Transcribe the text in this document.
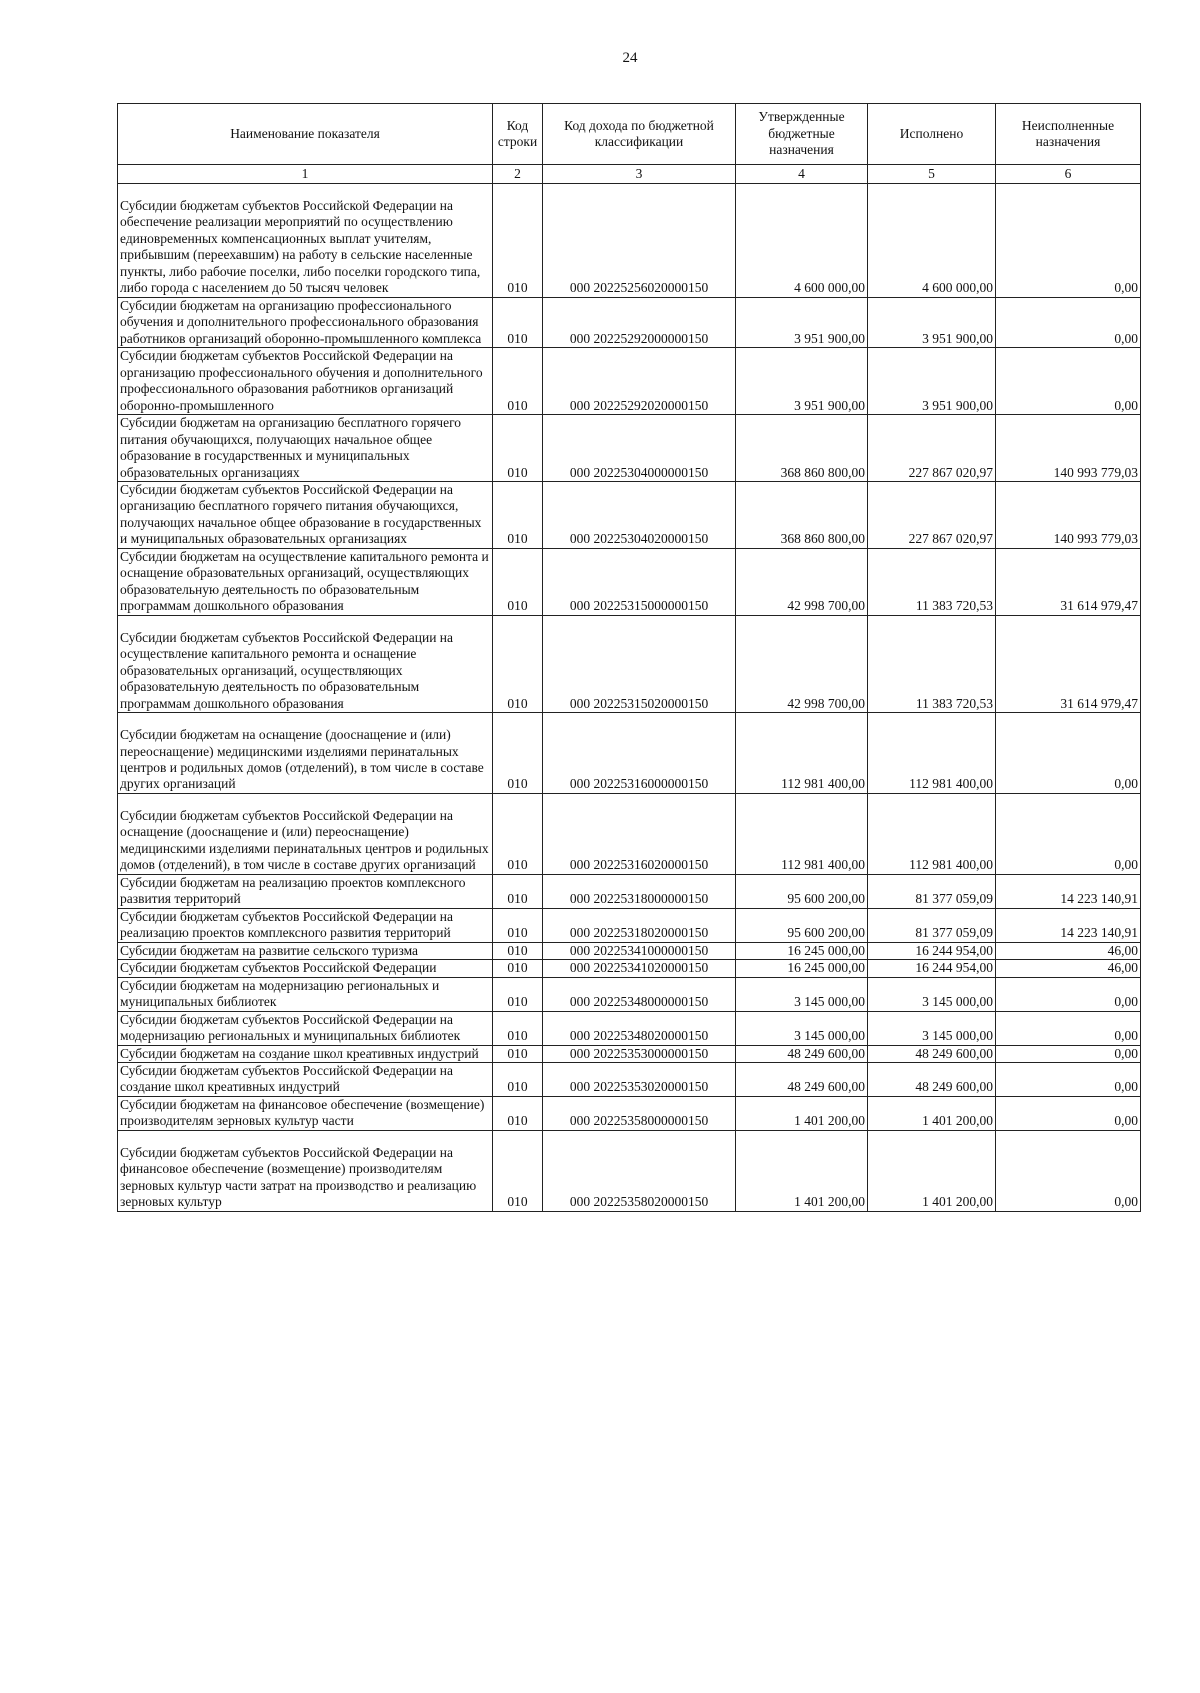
24
Наименование показателя	Код строки	Код дохода по бюджетной классификации	Утвержденные бюджетные назначения	Исполнено	Неисполненные назначения
1	2	3	4	5	6
Субсидии бюджетам субъектов Российской Федерации на обеспечение реализации мероприятий по осуществлению единовременных компенсационных выплат учителям, прибывшим (переехавшим) на работу в сельские населенные пункты, либо рабочие поселки, либо поселки городского типа, либо города с населением до 50 тысяч человек	010	000 20225256020000150	4 600 000,00	4 600 000,00	0,00
Субсидии бюджетам на организацию профессионального обучения и дополнительного профессионального образования работников организаций оборонно-промышленного комплекса	010	000 20225292000000150	3 951 900,00	3 951 900,00	0,00
Субсидии бюджетам субъектов Российской Федерации на организацию профессионального обучения и дополнительного профессионального образования работников организаций оборонно-промышленного	010	000 20225292020000150	3 951 900,00	3 951 900,00	0,00
Субсидии бюджетам на организацию бесплатного горячего питания обучающихся, получающих начальное общее образование в государственных и муниципальных образовательных организациях	010	000 20225304000000150	368 860 800,00	227 867 020,97	140 993 779,03
Субсидии бюджетам субъектов Российской Федерации на организацию бесплатного горячего питания обучающихся, получающих начальное общее образование в государственных и муниципальных образовательных организациях	010	000 20225304020000150	368 860 800,00	227 867 020,97	140 993 779,03
Субсидии бюджетам на осуществление капитального ремонта и оснащение образовательных организаций, осуществляющих образовательную деятельность по образовательным программам дошкольного образования	010	000 20225315000000150	42 998 700,00	11 383 720,53	31 614 979,47
Субсидии бюджетам субъектов Российской Федерации на осуществление капитального ремонта и оснащение образовательных организаций, осуществляющих образовательную деятельность по образовательным программам дошкольного образования	010	000 20225315020000150	42 998 700,00	11 383 720,53	31 614 979,47
Субсидии бюджетам на оснащение (дооснащение и (или) переоснащение) медицинскими изделиями перинатальных центров и родильных домов (отделений), в том числе в составе других организаций	010	000 20225316000000150	112 981 400,00	112 981 400,00	0,00
Субсидии бюджетам субъектов Российской Федерации на оснащение (дооснащение и (или) переоснащение) медицинскими изделиями перинатальных центров и родильных домов (отделений), в том числе в составе других организаций	010	000 20225316020000150	112 981 400,00	112 981 400,00	0,00
Субсидии бюджетам на реализацию проектов комплексного развития территорий	010	000 20225318000000150	95 600 200,00	81 377 059,09	14 223 140,91
Субсидии бюджетам субъектов Российской Федерации на реализацию проектов комплексного развития территорий	010	000 20225318020000150	95 600 200,00	81 377 059,09	14 223 140,91
Субсидии бюджетам на развитие сельского туризма	010	000 20225341000000150	16 245 000,00	16 244 954,00	46,00
Субсидии бюджетам субъектов Российской Федерации	010	000 20225341020000150	16 245 000,00	16 244 954,00	46,00
Субсидии бюджетам на модернизацию региональных и муниципальных библиотек	010	000 20225348000000150	3 145 000,00	3 145 000,00	0,00
Субсидии бюджетам субъектов Российской Федерации на модернизацию региональных и муниципальных библиотек	010	000 20225348020000150	3 145 000,00	3 145 000,00	0,00
Субсидии бюджетам на создание школ креативных индустрий	010	000 20225353000000150	48 249 600,00	48 249 600,00	0,00
Субсидии бюджетам субъектов Российской Федерации на создание школ креативных индустрий	010	000 20225353020000150	48 249 600,00	48 249 600,00	0,00
Субсидии бюджетам на финансовое обеспечение (возмещение) производителям зерновых культур части	010	000 20225358000000150	1 401 200,00	1 401 200,00	0,00
Субсидии бюджетам субъектов Российской Федерации на финансовое обеспечение (возмещение) производителям зерновых культур части затрат на производство и реализацию зерновых культур	010	000 20225358020000150	1 401 200,00	1 401 200,00	0,00
